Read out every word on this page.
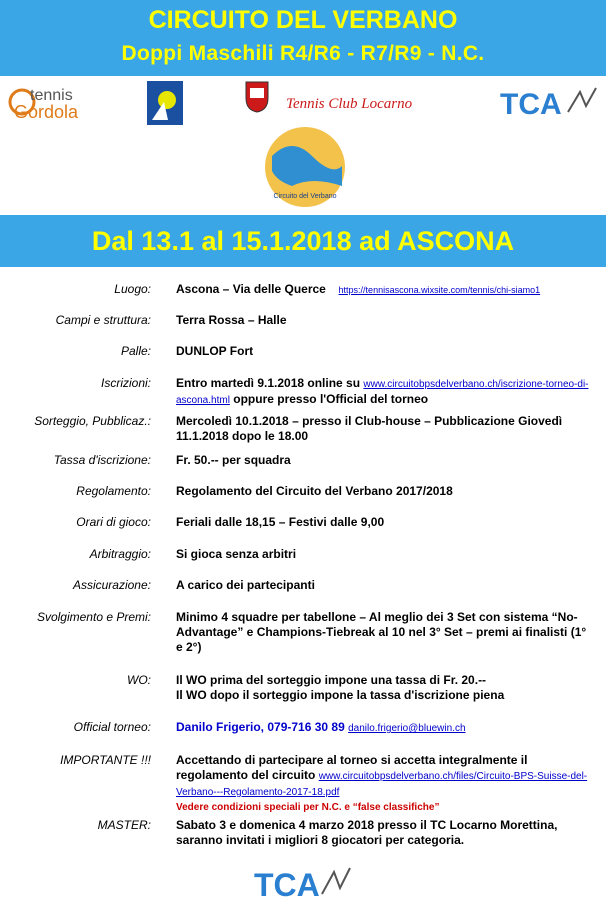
CIRCUITO DEL VERBANO
Doppi Maschili R4/R6 - R7/R9 - N.C.
tennis
Gordola	Tennis Club Locarno	TCA
Circuito del Verbano
Dal 13.1 al 15.1.2018 ad ASCONA
Luogo: Ascona – Via delle Querce https://tennisascona.wixsite.com/tennis/chi-siamo1
Campi e struttura: Terra Rossa – Halle
Palle: DUNLOP Fort
Iscrizioni: Entro martedì 9.1.2018 online su www.circuitobpsdelverbano.ch/iscrizione-torneo-di-ascona.html oppure presso l'Official del torneo
Sorteggio, Pubblicaz.: Mercoledì 10.1.2018 – presso il Club-house – Pubblicazione Giovedì 11.1.2018 dopo le 18.00
Tassa d'iscrizione: Fr. 50.-- per squadra
Regolamento: Regolamento del Circuito del Verbano 2017/2018
Orari di gioco: Feriali dalle 18,15 – Festivi dalle 9,00
Arbitraggio: Si gioca senza arbitri
Assicurazione: A carico dei partecipanti
Svolgimento e Premi: Minimo 4 squadre per tabellone – Al meglio dei 3 Set con sistema “No- Advantage” e Champions-Tiebreak al 10 nel 3° Set – premi ai finalisti (1° e 2°)
WO: Il WO prima del sorteggio impone una tassa di Fr. 20.--
Il WO dopo il sorteggio impone la tassa d'iscrizione piena
Official torneo: Danilo Frigerio, 079-716 30 89 danilo.frigerio@bluewin.ch
IMPORTANTE !!! Accettando di partecipare al torneo si accetta integralmente il regolamento del circuito www.circuitobpsdelverbano.ch/files/Circuito-BPS-Suisse-del-Verbano---Regolamento-2017-18.pdf
Vedere condizioni speciali per N.C. e “false classifiche”
MASTER: Sabato 3 e domenica 4 marzo 2018 presso il TC Locarno Morettina, saranno invitati i migliori 8 giocatori per categoria.
TCA
